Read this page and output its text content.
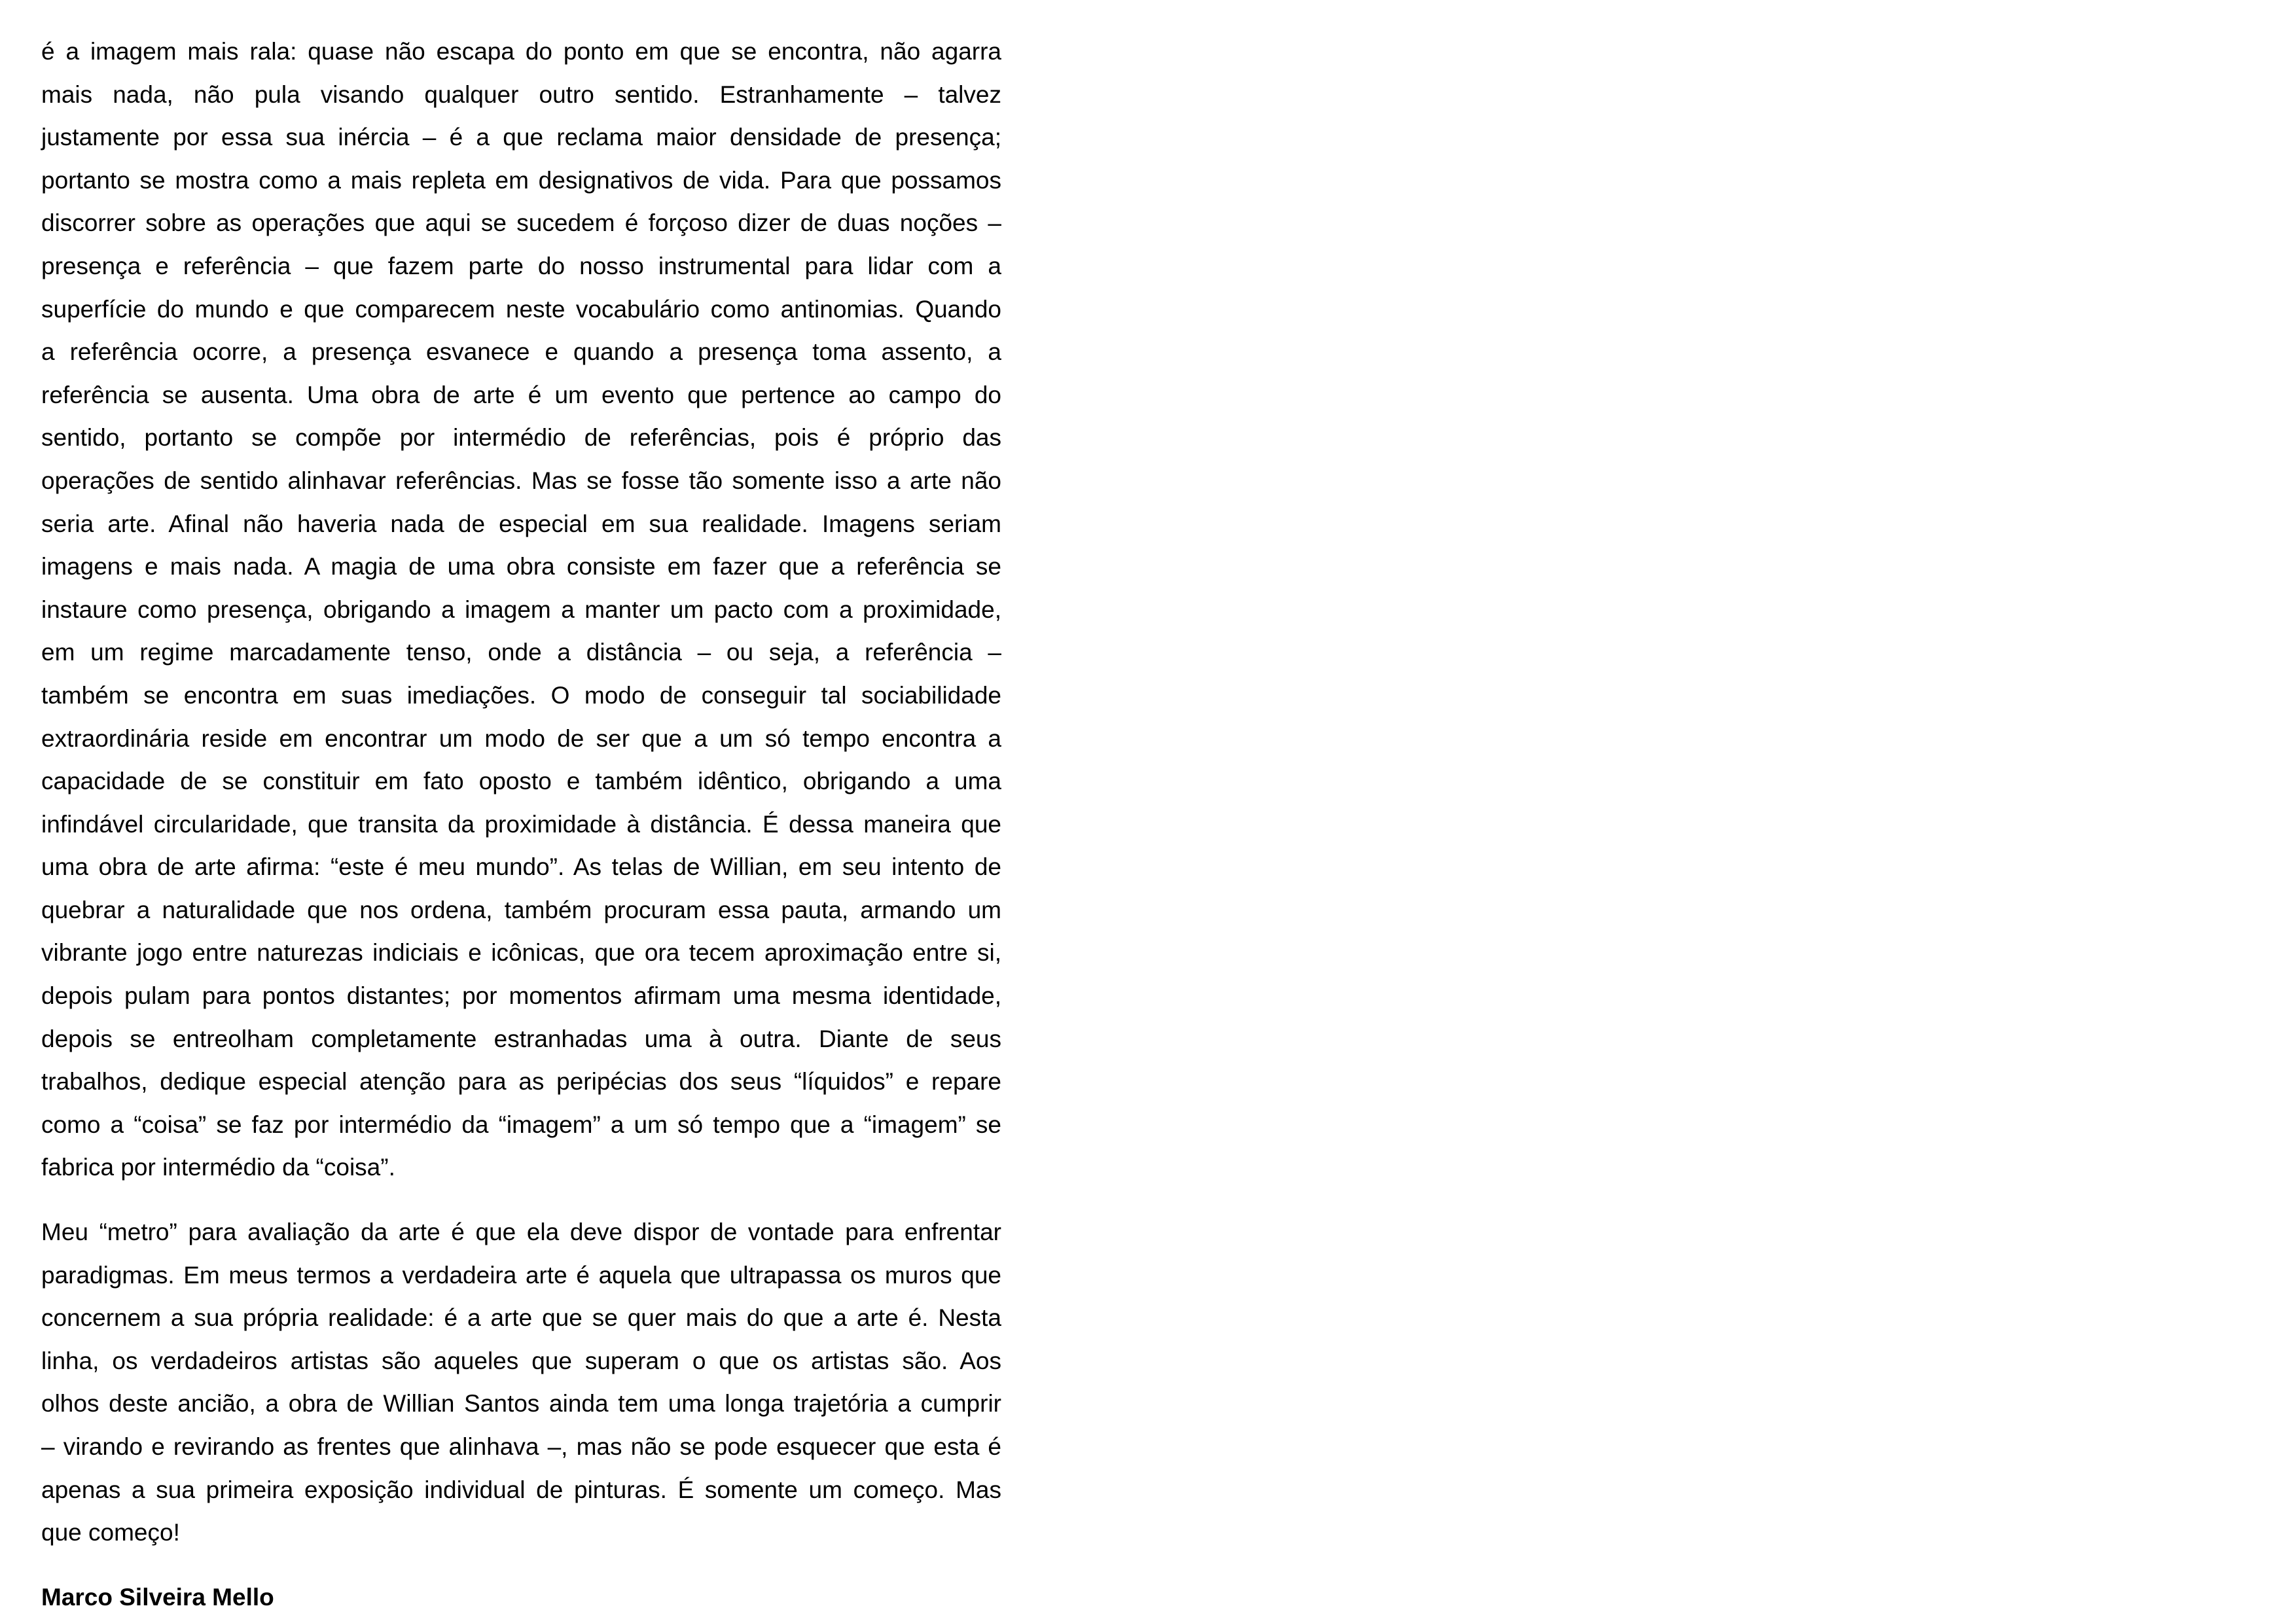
é a imagem mais rala: quase não escapa do ponto em que se encontra, não agarra
mais nada, não pula visando qualquer outro sentido. Estranhamente – talvez
justamente por essa sua inércia – é a que reclama maior densidade de presença;
portanto se mostra como a mais repleta em designativos de vida. Para que possamos
discorrer sobre as operações que aqui se sucedem é forçoso dizer de duas noções –
presença e referência – que fazem parte do nosso instrumental para lidar com a
superfície do mundo e que comparecem neste vocabulário como antinomias. Quando
a referência ocorre, a presença esvanece e quando a presença toma assento, a
referência se ausenta. Uma obra de arte é um evento que pertence ao campo do
sentido, portanto se compõe por intermédio de referências, pois é próprio das
operações de sentido alinhavar referências. Mas se fosse tão somente isso a arte não
seria arte. Afinal não haveria nada de especial em sua realidade. Imagens seriam
imagens e mais nada. A magia de uma obra consiste em fazer que a referência se
instaure como presença, obrigando a imagem a manter um pacto com a proximidade,
em um regime marcadamente tenso, onde a distância – ou seja, a referência –
também se encontra em suas imediações. O modo de conseguir tal sociabilidade
extraordinária reside em encontrar um modo de ser que a um só tempo encontra a
capacidade de se constituir em fato oposto e também idêntico, obrigando a uma
infindável circularidade, que transita da proximidade à distância. É dessa maneira que
uma obra de arte afirma: “este é meu mundo”. As telas de Willian, em seu intento de
quebrar a naturalidade que nos ordena, também procuram essa pauta, armando um
vibrante jogo entre naturezas indiciais e icônicas, que ora tecem aproximação entre si,
depois pulam para pontos distantes; por momentos afirmam uma mesma identidade,
depois se entreolham completamente estranhadas uma à outra. Diante de seus
trabalhos, dedique especial atenção para as peripécias dos seus “líquidos” e repare
como a “coisa” se faz por intermédio da “imagem” a um só tempo que a “imagem” se
fabrica por intermédio da “coisa”.
Meu “metro” para avaliação da arte é que ela deve dispor de vontade para enfrentar
paradigmas. Em meus termos a verdadeira arte é aquela que ultrapassa os muros que
concernem a sua própria realidade: é a arte que se quer mais do que a arte é. Nesta
linha, os verdadeiros artistas são aqueles que superam o que os artistas são. Aos
olhos deste ancião, a obra de Willian Santos ainda tem uma longa trajetória a cumprir
– virando e revirando as frentes que alinhava –, mas não se pode esquecer que esta é
apenas a sua primeira exposição individual de pinturas. É somente um começo. Mas
que começo!
Marco Silveira Mello
